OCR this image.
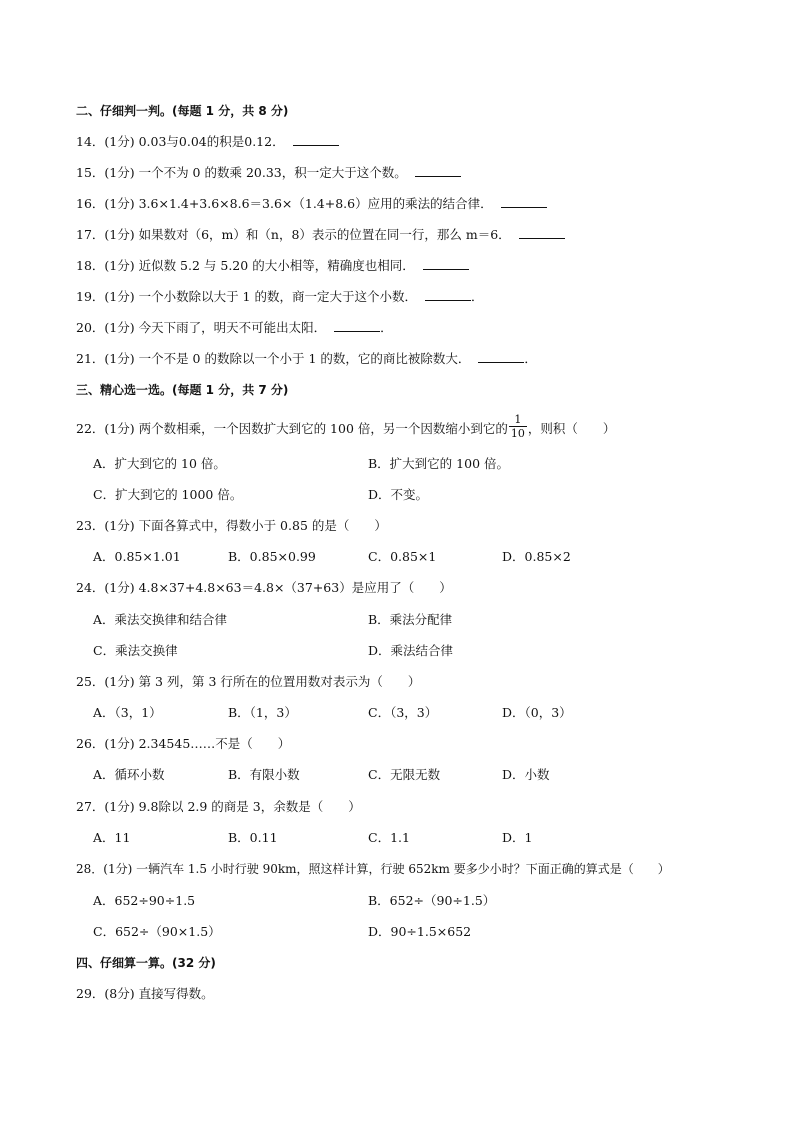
二、仔细判一判。(每题 1 分，共 8 分)
14．(1分) 0.03与0.04的积是0.12．
15．(1分) 一个不为 0 的数乘 20.33，积一定大于这个数。
16．(1分) 3.6×1.4+3.6×8.6＝3.6×（1.4+8.6）应用的乘法的结合律．
17．(1分) 如果数对（6，m）和（n，8）表示的位置在同一行，那么 m＝6．
18．(1分) 近似数 5.2 与 5.20 的大小相等，精确度也相同．
19．(1分) 一个小数除以大于 1 的数，商一定大于这个小数．	．
20．(1分) 今天下雨了，明天不可能出太阳．	．
21．(1分) 一个不是 0 的数除以一个小于 1 的数，它的商比被除数大．	．
三、精心选一选。(每题 1 分，共 7 分)
22．(1分) 两个数相乘，一个因数扩大到它的 100 倍，另一个因数缩小到它的 $\frac{1}{10}$ ，则积（　　）
A．扩大到它的 10 倍。	B．扩大到它的 100 倍。
C．扩大到它的 1000 倍。	D．不变。
23．(1分) 下面各算式中，得数小于 0.85 的是（　　）
A．0.85×1.01	B．0.85×0.99	C．0.85×1	D．0.85×2
24．(1分) 4.8×37+4.8×63＝4.8×（37+63）是应用了（　　）
A．乘法交换律和结合律	B．乘法分配律
C．乘法交换律	D．乘法结合律
25．(1分) 第 3 列，第 3 行所在的位置用数对表示为（　　）
A．（3，1）	B．（1，3）	C．（3，3）	D．（0，3）
26．(1分) 2.34545……不是（　　）
A．循环小数	B．有限小数	C．无限无数	D．小数
27．(1分) 9.8除以 2.9 的商是 3，余数是（　　）
A．11	B．0.11	C．1.1	D．1
28．(1分) 一辆汽车 1.5 小时行驶 90km，照这样计算，行驶 652km 要多少小时？下面正确的算式是（　　）
A．652÷90÷1.5	B．652÷（90÷1.5）
C．652÷（90×1.5）	D．90÷1.5×652
四、仔细算一算。(32 分)
29．(8分) 直接写得数。
